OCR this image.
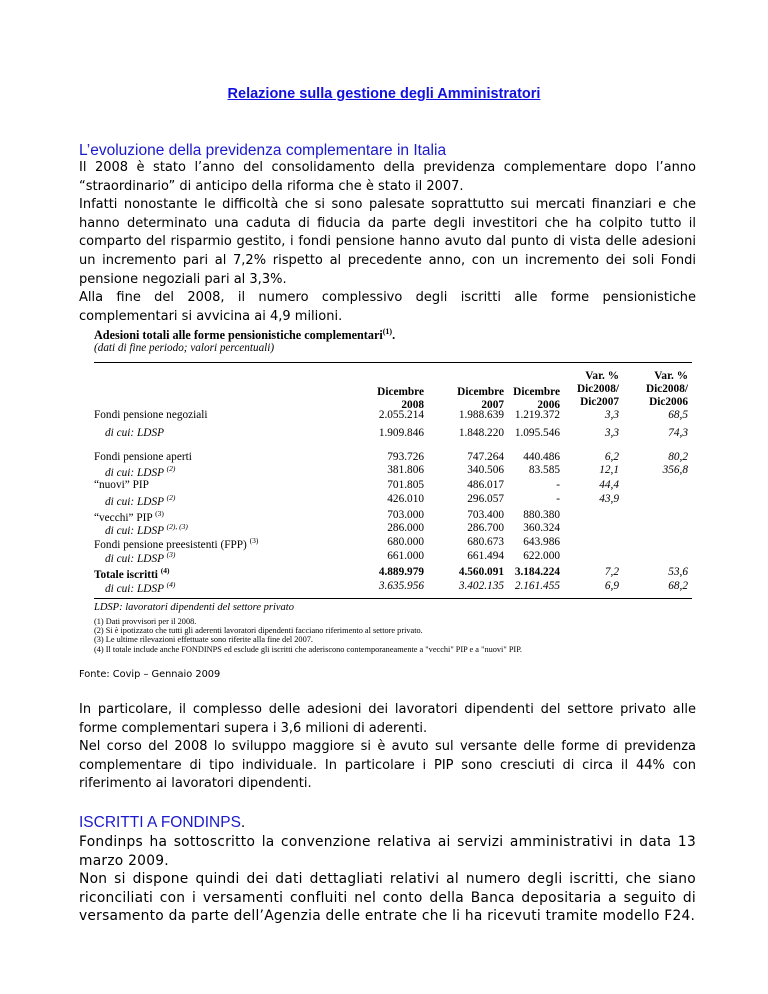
Relazione sulla gestione degli Amministratori
L’evoluzione della previdenza complementare in Italia

Il 2008 è stato l’anno del consolidamento della previdenza complementare dopo l’anno “straordinario” di anticipo della riforma che è stato il 2007.

Infatti nonostante le difficoltà che si sono palesate soprattutto sui mercati finanziari e che hanno determinato una caduta di fiducia da parte degli investitori che ha colpito tutto il comparto del risparmio gestito, i fondi pensione hanno avuto dal punto di vista delle adesioni un incremento pari al 7,2% rispetto al precedente anno, con un incremento dei soli Fondi pensione negoziali pari al 3,3%.

Alla fine del 2008, il numero complessivo degli iscritti alle forme pensionistiche complementari si avvicina ai 4,9 milioni.

Adesioni totali alle forme pensionistiche complementari$^{(1)}$.
(dati di fine periodo; valori percentuali)
Dicembre
2008
Dicembre
2007
Dicembre
2006
Var. %
Dic2008/
Dic2007
Var. %
Dic2008/
Dic2006
Fondi pensione negoziali	2.055.214	1.988.639 1.219.372	3,3	68,5
di cui: LDSP	1.909.846	1.848.220 1.095.546	3,3	74,3
Fondi pensione aperti	793.726	747.264	440.486	6,2	80,2
di cui: LDSP $^{(2)}$	381.806	340.506	83.585	12,1	356,8
“nuovi” PIP	701.805	486.017	-	44,4
di cui: LDSP $^{(2)}$	426.010	296.057	-	43,9
“vecchi” PIP $^{(3)}$	703.000	703.400	880.380
di cui: LDSP $^{(2), (3)}$	286.000	286.700	360.324
Fondi pensione preesistenti (FPP) $^{(3)}$	680.000	680.673	643.986
di cui: LDSP $^{(3)}$	661.000	661.494	622.000
Totale iscritti $^{(4)}$	4.889.979	4.560.091 3.184.224	7,2	53,6
di cui: LDSP $^{(4)}$	3.635.956	3.402.135 2.161.455	6,9	68,2
LDSP: lavoratori dipendenti del settore privato
(1) Dati provvisori per il 2008.
(2) Si è ipotizzato che tutti gli aderenti lavoratori dipendenti facciano riferimento al settore privato.
(3) Le ultime rilevazioni effettuate sono riferite alla fine del 2007.
(4) Il totale include anche FONDINPS ed esclude gli iscritti che aderiscono contemporaneamente a "vecchi" PIP e a "nuovi" PIP.
Fonte: Covip – Gennaio 2009

In particolare, il complesso delle adesioni dei lavoratori dipendenti del settore privato alle forme complementari supera i 3,6 milioni di aderenti.

Nel corso del 2008 lo sviluppo maggiore si è avuto sul versante delle forme di previdenza complementare di tipo individuale. In particolare i PIP sono cresciuti di circa il 44% con riferimento ai lavoratori dipendenti.

ISCRITTI A FONDINPS.

Fondinps ha sottoscritto la convenzione relativa ai servizi amministrativi in data 13 marzo 2009.

Non si dispone quindi dei dati dettagliati relativi al numero degli iscritti, che siano riconciliati con i versamenti confluiti nel conto della Banca depositaria a seguito di versamento da parte dell’Agenzia delle entrate che li ha ricevuti tramite modello F24.
